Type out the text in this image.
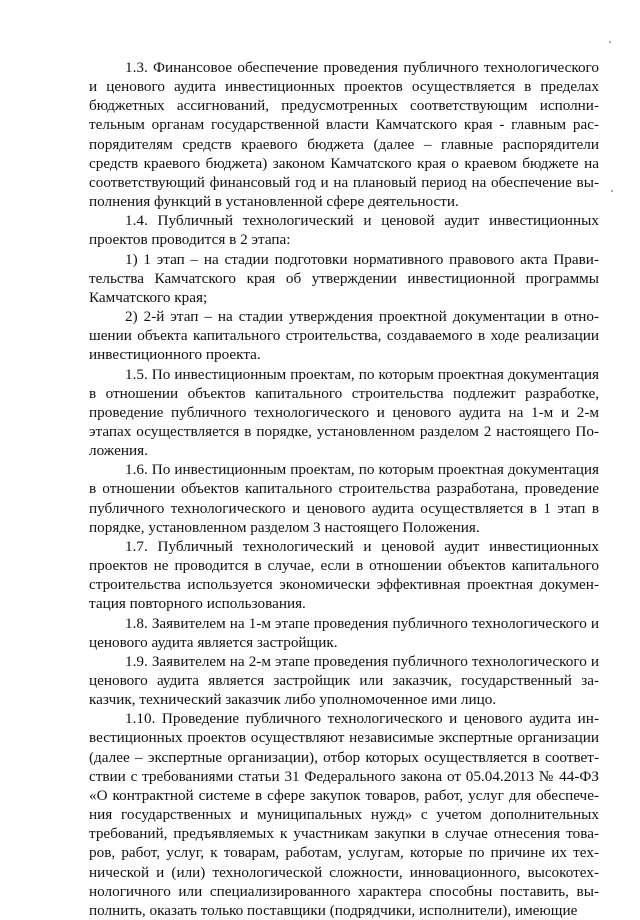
1.3. Финансовое обеспечение проведения публичного технологического и ценового аудита инвестиционных проектов осуществляется в пределах бюджетных ассигнований, предусмотренных соответствующим исполнительным органам государственной власти Камчатского края - главным распорядителям средств краевого бюджета (далее – главные распорядители средств краевого бюджета) законом Камчатского края о краевом бюджете на соответствующий финансовый год и на плановый период на обеспечение выполнения функций в установленной сфере деятельности.

1.4. Публичный технологический и ценовой аудит инвестиционных проектов проводится в 2 этапа:

1) 1 этап – на стадии подготовки нормативного правового акта Правительства Камчатского края об утверждении инвестиционной программы Камчатского края;

2) 2-й этап – на стадии утверждения проектной документации в отношении объекта капитального строительства, создаваемого в ходе реализации инвестиционного проекта.

1.5. По инвестиционным проектам, по которым проектная документация в отношении объектов капитального строительства подлежит разработке, проведение публичного технологического и ценового аудита на 1-м и 2-м этапах осуществляется в порядке, установленном разделом 2 настоящего Положения.

1.6. По инвестиционным проектам, по которым проектная документация в отношении объектов капитального строительства разработана, проведение публичного технологического и ценового аудита осуществляется в 1 этап в порядке, установленном разделом 3 настоящего Положения.

1.7. Публичный технологический и ценовой аудит инвестиционных проектов не проводится в случае, если в отношении объектов капитального строительства используется экономически эффективная проектная документация повторного использования.

1.8. Заявителем на 1-м этапе проведения публичного технологического и ценового аудита является застройщик.

1.9. Заявителем на 2-м этапе проведения публичного технологического и ценового аудита является застройщик или заказчик, государственный заказчик, технический заказчик либо уполномоченное ими лицо.

1.10. Проведение публичного технологического и ценового аудита инвестиционных проектов осуществляют независимые экспертные организации (далее – экспертные организации), отбор которых осуществляется в соответствии с требованиями статьи 31 Федерального закона от 05.04.2013 № 44-ФЗ «О контрактной системе в сфере закупок товаров, работ, услуг для обеспечения государственных и муниципальных нужд» с учетом дополнительных требований, предъявляемых к участникам закупки в случае отнесения товаров, работ, услуг, к товарам, работам, услугам, которые по причине их технической и (или) технологической сложности, инновационного, высокотехнологичного или специализированного характера способны поставить, выполнить, оказать только поставщики (подрядчики, исполнители), имеющие
